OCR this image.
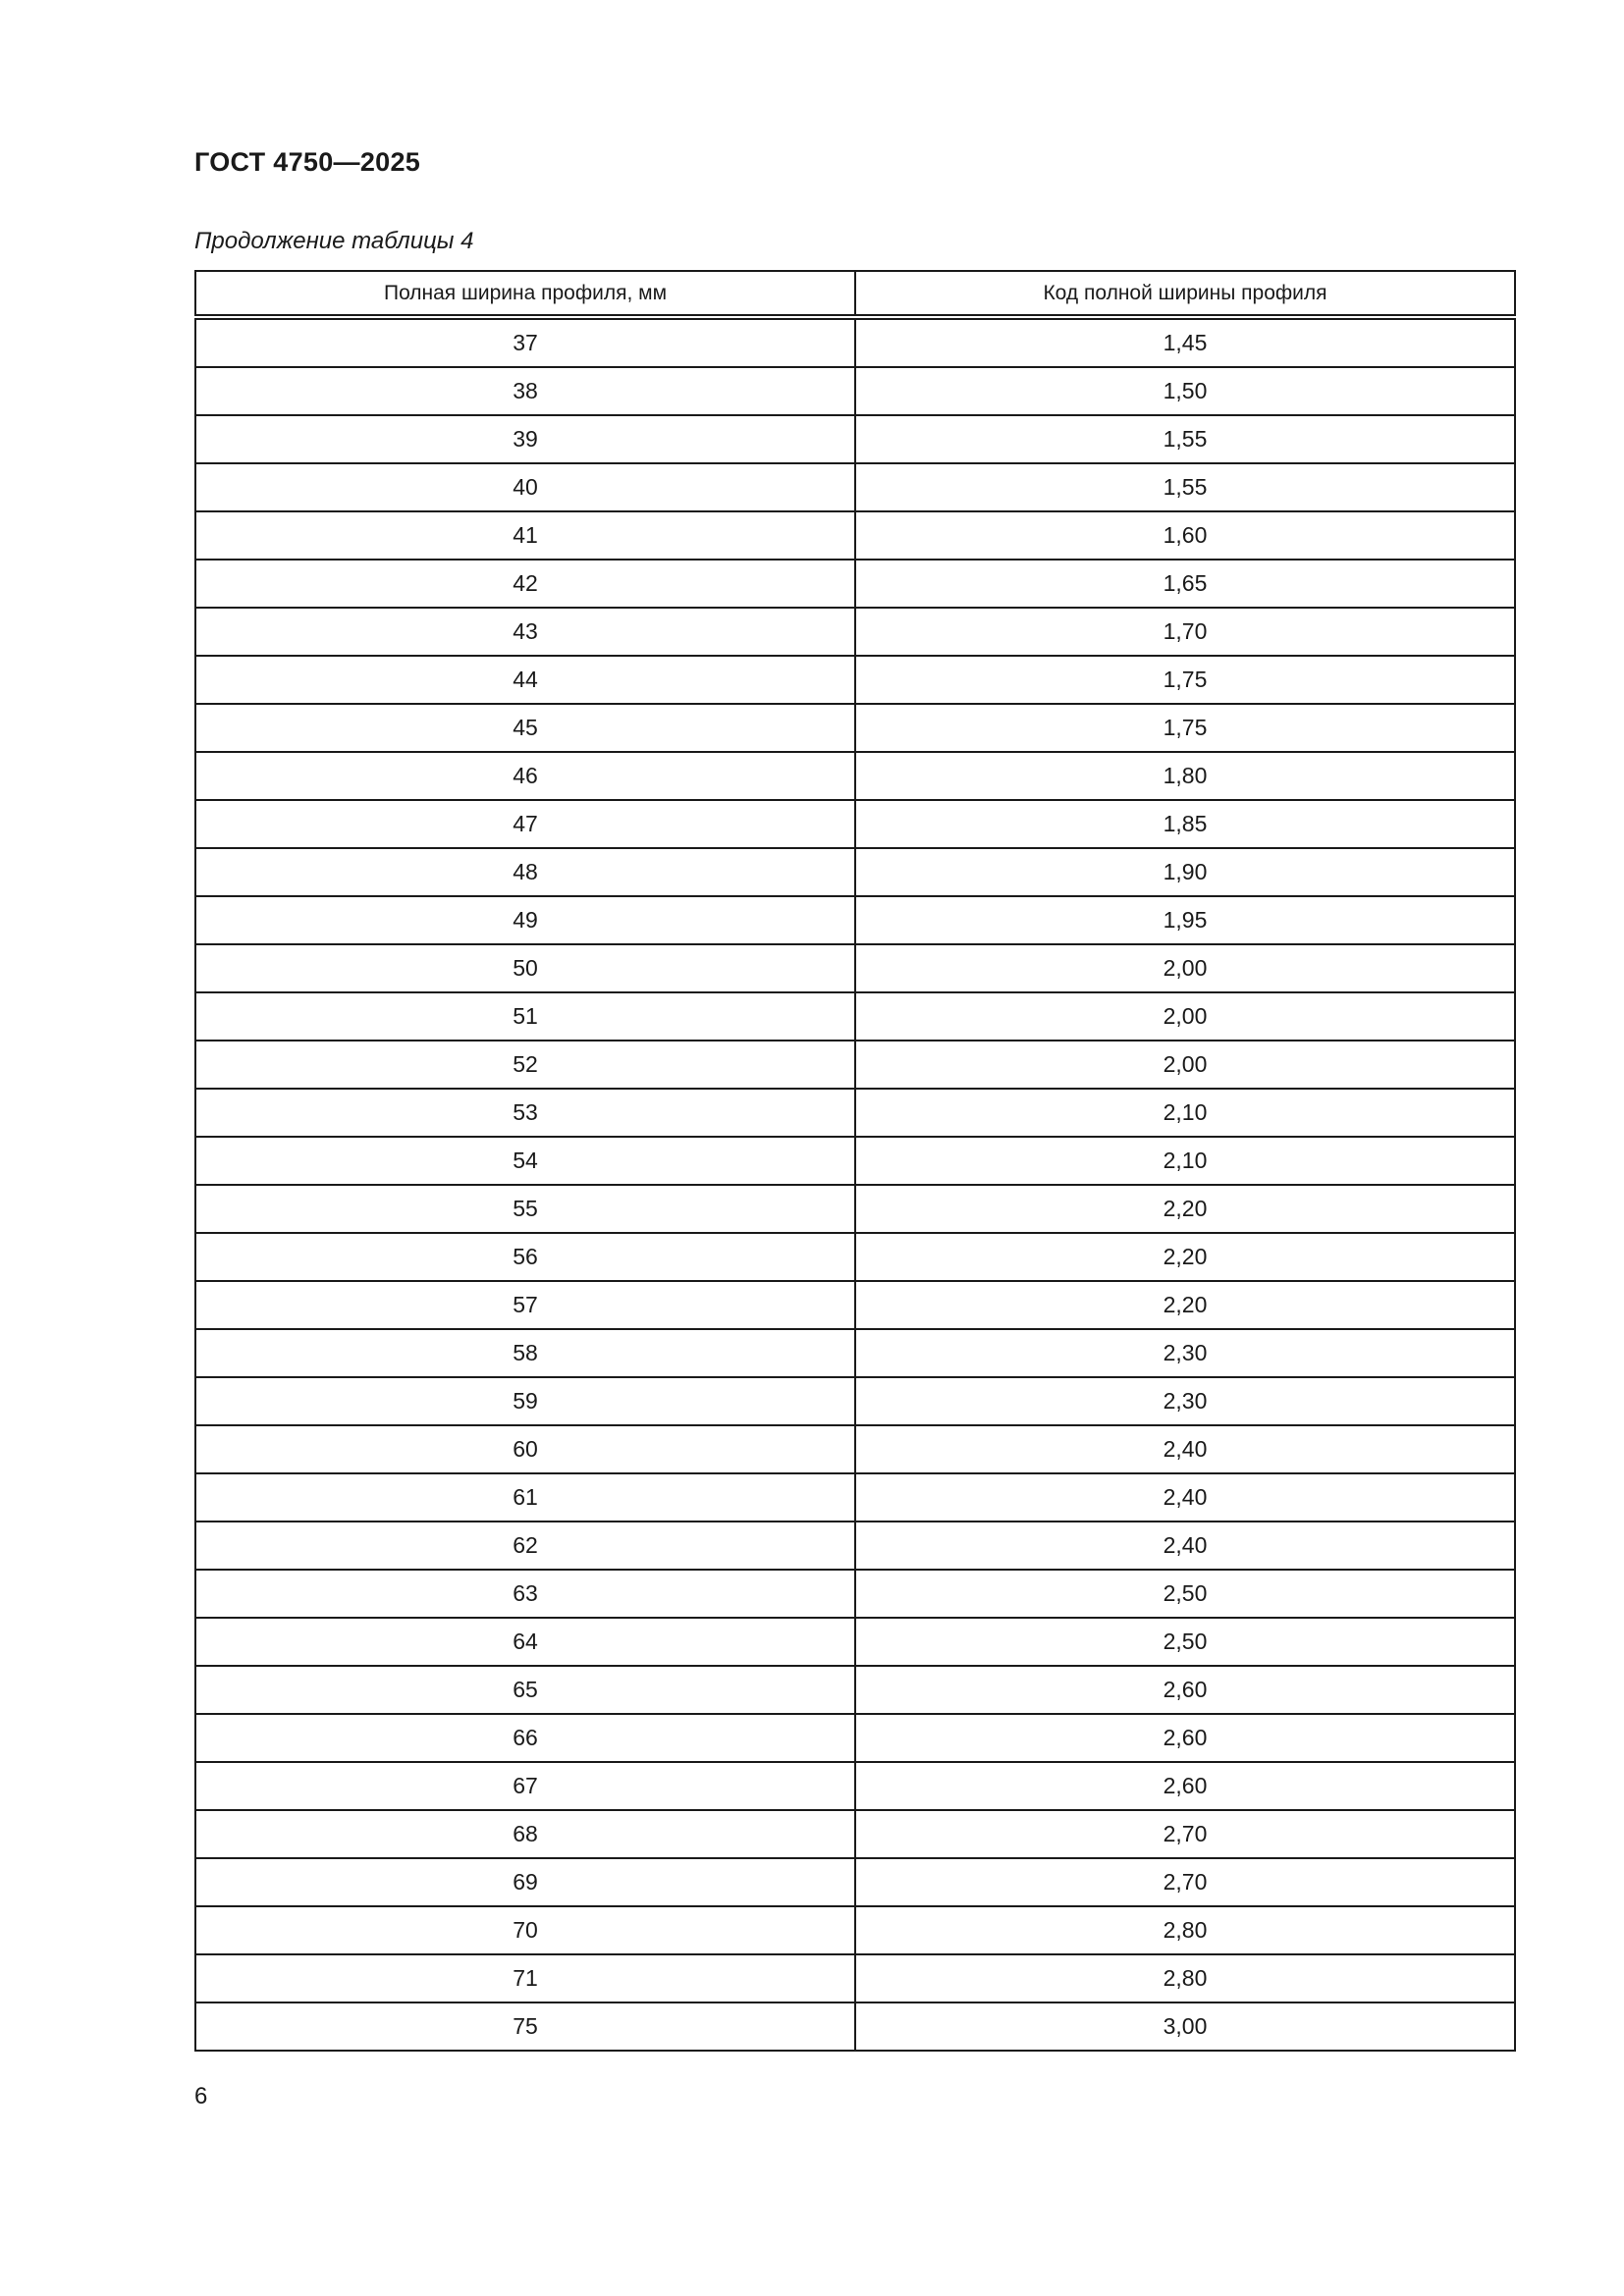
ГОСТ 4750—2025
Продолжение таблицы 4
Полная ширина профиля, мм	Код полной ширины профиля
37	1,45
38	1,50
39	1,55
40	1,55
41	1,60
42	1,65
43	1,70
44	1,75
45	1,75
46	1,80
47	1,85
48	1,90
49	1,95
50	2,00
51	2,00
52	2,00
53	2,10
54	2,10
55	2,20
56	2,20
57	2,20
58	2,30
59	2,30
60	2,40
61	2,40
62	2,40
63	2,50
64	2,50
65	2,60
66	2,60
67	2,60
68	2,70
69	2,70
70	2,80
71	2,80
75	3,00
6
